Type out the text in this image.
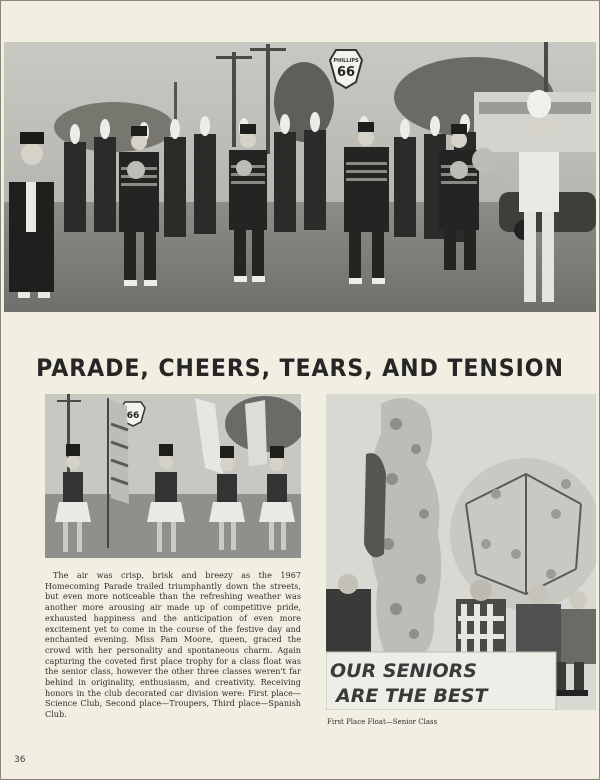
PHILLIPS
66
PARADE, CHEERS, TEARS, AND TENSION
66

The air was crisp, brisk and breezy as the 1967 Homecoming Parade trailed triumphantly down the streets, but even more noticeable than the refreshing weather was another more arousing air made up of competitive pride, exhausted happiness and the anticipation of even more excitement yet to come in the course of the festive day and enchanted evening. Miss Pam Moore, queen, graced the crowd with her personality and spontaneous charm. Again capturing the coveted first place trophy for a class float was the senior class, however the other three classes weren't far behind in originality, enthusiasm, and creativity. Receiving honors in the club decorated car division were: First place—Science Club, Second place—Troupers, Third place—Spanish Club.

OUR SENIORS
ARE THE BEST
First Place Float—Senior Class
36
